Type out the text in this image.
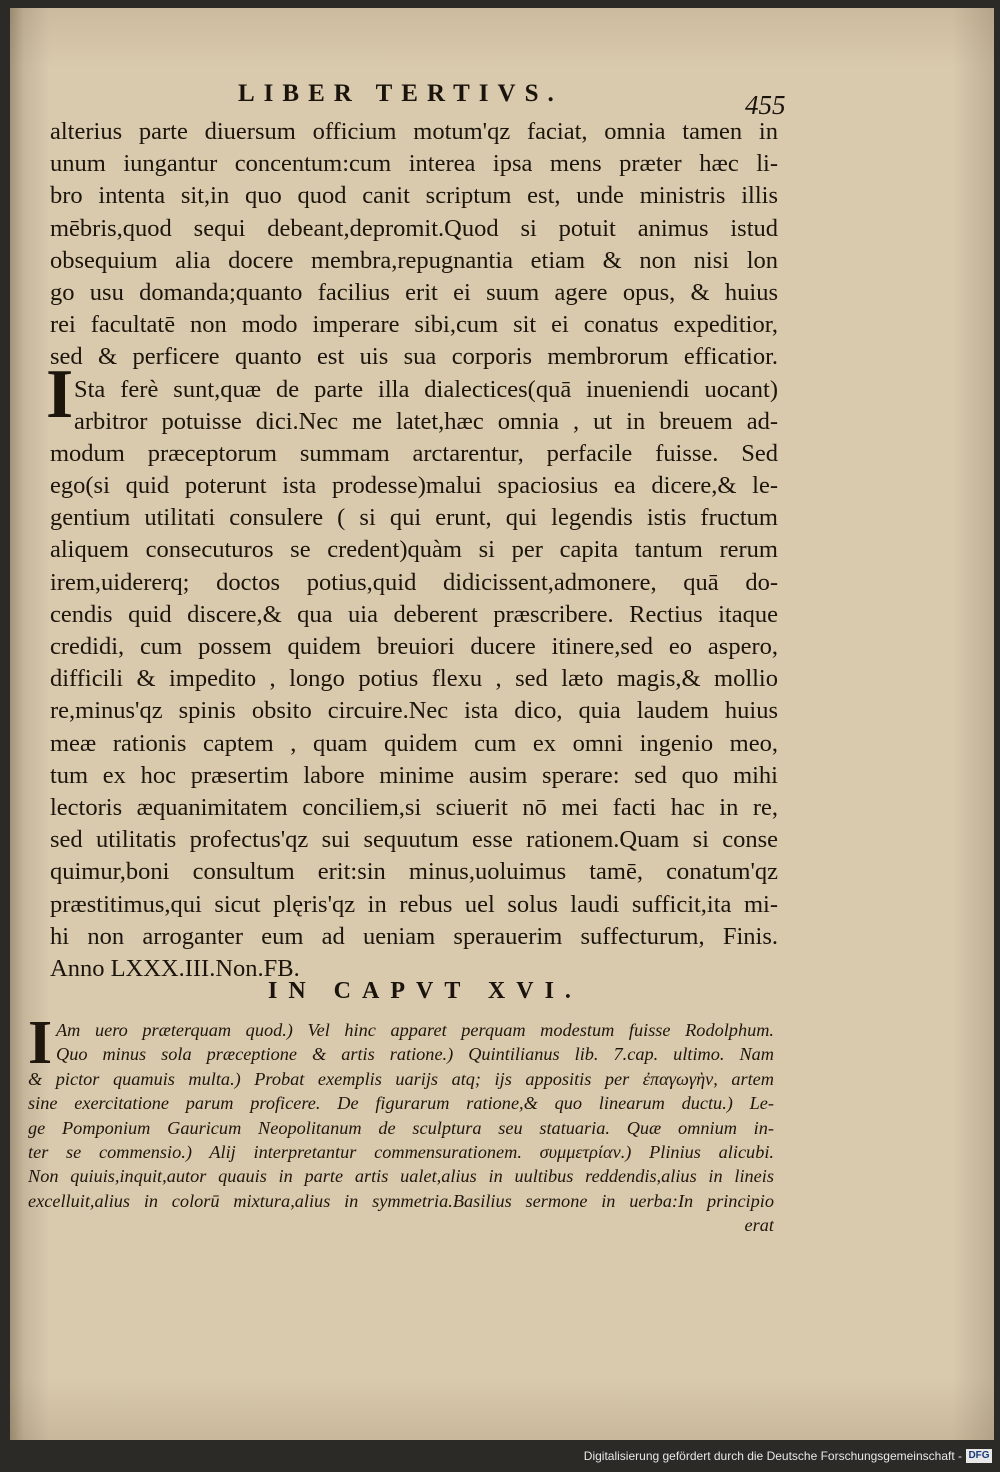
LIBER TERTIVS.	455
alterius parte diuersum officium motum'qz faciat, omnia tamen in
unum iungantur concentum:cum interea ipsa mens præter hæc li-
bro intenta sit,in quo quod canit scriptum est, unde ministris illis
mēbris,quod sequi debeant,depromit.Quod si potuit animus istud
obsequium alia docere membra,repugnantia etiam & non nisi lon
go usu domanda;quanto facilius erit ei suum agere opus, & huius
rei facultatē non modo imperare sibi,cum sit ei conatus expeditior,
sed & perficere quanto est uis sua corporis membrorum efficatior.
Sta ferè sunt,quæ de parte illa dialectices(quā inueniendi uocant)
arbitror potuisse dici.Nec me latet,hæc omnia , ut in breuem ad-
modum præceptorum summam arctarentur, perfacile fuisse. Sed
ego(si quid poterunt ista prodesse)malui spaciosius ea dicere,& le-
gentium utilitati consulere ( si qui erunt, qui legendis istis fructum
aliquem consecuturos se credent)quàm si per capita tantum rerum
irem,uidererq; doctos potius,quid didicissent,admonere, quā do-
cendis quid discere,& qua uia deberent præscribere. Rectius itaque
credidi, cum possem quidem breuiori ducere itinere,sed eo aspero,
difficili & impedito , longo potius flexu , sed læto magis,& mollio
re,minus'qz spinis obsito circuire.Nec ista dico, quia laudem huius
meæ rationis captem , quam quidem cum ex omni ingenio meo,
tum ex hoc præsertim labore minime ausim sperare: sed quo mihi
lectoris æquanimitatem conciliem,si sciuerit nō mei facti hac in re,
sed utilitatis profectus'qz sui sequutum esse rationem.Quam si conse
quimur,boni consultum erit:sin minus,uoluimus tamē, conatum'qz
præstitimus,qui sicut plęris'qz in rebus uel solus laudi sufficit,ita mi-
hi non arroganter eum ad ueniam sperauerim suffecturum, Finis.
Anno LXXX.III.Non.FB.
I
IN CAPVT XVI.
I Am uero præterquam quod.) Vel hinc apparet perquam modestum fuisse Rodolphum.
Quo minus sola præceptione & artis ratione.) Quintilianus lib. 7.cap. ultimo. Nam
& pictor quamuis multa.) Probat exemplis uarijs atq; ijs appositis per ἐπαγωγὴν, artem
sine exercitatione parum proficere. De figurarum ratione,& quo linearum ductu.) Le-
ge Pomponium Gauricum Neopolitanum de sculptura seu statuaria. Quæ omnium in-
ter se commensio.) Alij interpretantur commensurationem. συμμετρίαν.) Plinius alicubi.
Non quiuis,inquit,autor quauis in parte artis ualet,alius in uultibus reddendis,alius in lineis
excelluit,alius in colorū mixtura,alius in symmetria.Basilius sermone in uerba:In principio
erat
Digitalisierung gefördert durch die Deutsche Forschungsgemeinschaft - DFG
